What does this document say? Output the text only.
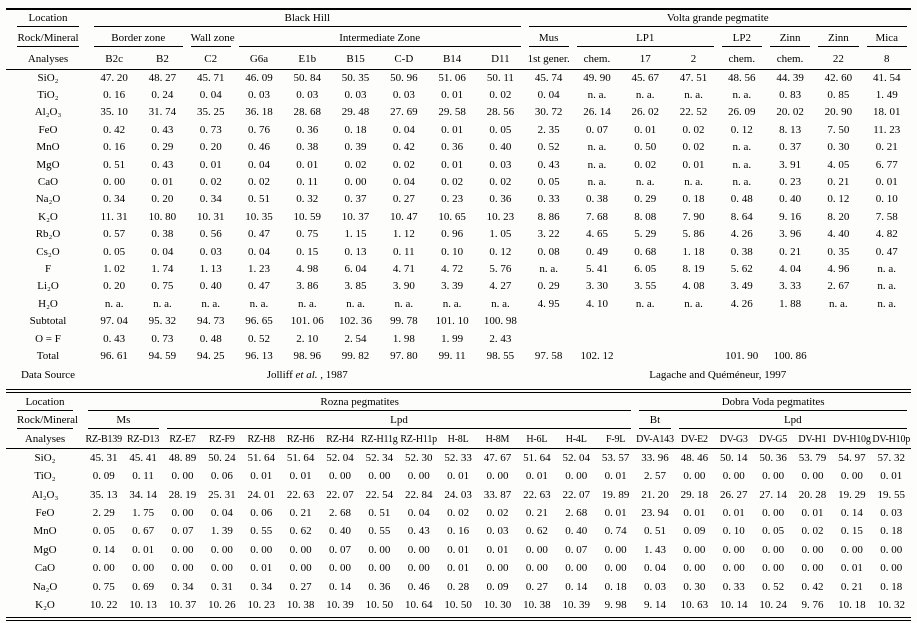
Location	Black Hill									Volta grande pegmatite							

Rock/Mineral	Border zone		Wall zone	Intermediate Zone						Mus	LP1			LP2	Zinn	Zinn	Mica

Analyses	B2c	B2	C2	G6a	E1b	B15	C-D	B14	D11	1st gener.	chem.	17	2	chem.	chem.	22	8
SiO₂	47. 20	48. 27	45. 71	46. 09	50. 84	50. 35	50. 96	51. 06	50. 11	45. 74	49. 90	45. 67	47. 51	48. 56	44. 39	42. 60	41. 54
TiO₂	0. 16	0. 24	0. 04	0. 03	0. 03	0. 03	0. 03	0. 01	0. 02	0. 04	n. a.	n. a.	n. a.	n. a.	0. 83	0. 85	1. 49
Al₂O₃	35. 10	31. 74	35. 25	36. 18	28. 68	29. 48	27. 69	29. 58	28. 56	30. 72	26. 14	26. 02	22. 52	26. 09	20. 02	20. 90	18. 01
FeO	0. 42	0. 43	0. 73	0. 76	0. 36	0. 18	0. 04	0. 01	0. 05	2. 35	0. 07	0. 01	0. 02	0. 12	8. 13	7. 50	11. 23
MnO	0. 16	0. 29	0. 20	0. 46	0. 38	0. 39	0. 42	0. 36	0. 40	0. 52	n. a.	0. 50	0. 02	n. a.	0. 37	0. 30	0. 21
MgO	0. 51	0. 43	0. 01	0. 04	0. 01	0. 02	0. 02	0. 01	0. 03	0. 43	n. a.	0. 02	0. 01	n. a.	3. 91	4. 05	6. 77
CaO	0. 00	0. 01	0. 02	0. 02	0. 11	0. 00	0. 04	0. 02	0. 02	0. 05	n. a.	n. a.	n. a.	n. a.	0. 23	0. 21	0. 01
Na₂O	0. 34	0. 20	0. 34	0. 51	0. 32	0. 37	0. 27	0. 23	0. 36	0. 33	0. 38	0. 29	0. 18	0. 48	0. 40	0. 12	0. 10
K₂O	11. 31	10. 80	10. 31	10. 35	10. 59	10. 37	10. 47	10. 65	10. 23	8. 86	7. 68	8. 08	7. 90	8. 64	9. 16	8. 20	7. 58
Rb₂O	0. 57	0. 38	0. 56	0. 47	0. 75	1. 15	1. 12	0. 96	1. 05	3. 22	4. 65	5. 29	5. 86	4. 26	3. 96	4. 40	4. 82
Cs₂O	0. 05	0. 04	0. 03	0. 04	0. 15	0. 13	0. 11	0. 10	0. 12	0. 08	0. 49	0. 68	1. 18	0. 38	0. 21	0. 35	0. 47
F	1. 02	1. 74	1. 13	1. 23	4. 98	6. 04	4. 71	4. 72	5. 76	n. a.	5. 41	6. 05	8. 19	5. 62	4. 04	4. 96	n. a.
Li₂O	0. 20	0. 75	0. 40	0. 47	3. 86	3. 85	3. 90	3. 39	4. 27	0. 29	3. 30	3. 55	4. 08	3. 49	3. 33	2. 67	n. a.
H₂O	n. a.	n. a.	n. a.	n. a.	n. a.	n. a.	n. a.	n. a.	n. a.	4. 95	4. 10	n. a.	n. a.	4. 26	1. 88	n. a.	n. a.
Subtotal	97. 04	95. 32	94. 73	96. 65	101. 06	102. 36	99. 78	101. 10	100. 98								
O = F	0. 43	0. 73	0. 48	0. 52	2. 10	2. 54	1. 98	1. 99	2. 43								
Total	96. 61	94. 59	94. 25	96. 13	98. 96	99. 82	97. 80	99. 11	98. 55	97. 58	102. 12			101. 90	100. 86		
Data Source	Jolliff et al. , 1987									Lagache and Quéméneur, 1997							
Location	Rozna pegmatites														Dobra Voda pegmatites						

Rock/Mineral	Ms		Lpd												Bt	Lpd					

Analyses	RZ-B139	RZ-D13	RZ-E7	RZ-F9	RZ-H8	RZ-H6	RZ-H4	RZ-H11g	RZ-H11p	H-8L	H-8M	H-6L	H-4L	F-9L	DV-A143	DV-E2	DV-G3	DV-G5	DV-H1	DV-H10g	DV-H10p
SiO₂	45. 31	45. 41	48. 89	50. 24	51. 64	51. 64	52. 04	52. 34	52. 30	52. 33	47. 67	51. 64	52. 04	53. 57	33. 96	48. 46	50. 14	50. 36	53. 79	54. 97	57. 32
TiO₂	0. 09	0. 11	0. 00	0. 06	0. 01	0. 01	0. 00	0. 00	0. 00	0. 01	0. 00	0. 01	0. 00	0. 01	2. 57	0. 00	0. 00	0. 00	0. 00	0. 00	0. 01
Al₂O₃	35. 13	34. 14	28. 19	25. 31	24. 01	22. 63	22. 07	22. 54	22. 84	24. 03	33. 87	22. 63	22. 07	19. 89	21. 20	29. 18	26. 27	27. 14	20. 28	19. 29	19. 55
FeO	2. 29	1. 75	0. 00	0. 04	0. 06	0. 21	2. 68	0. 51	0. 04	0. 02	0. 02	0. 21	2. 68	0. 01	23. 94	0. 01	0. 01	0. 00	0. 01	0. 14	0. 03
MnO	0. 05	0. 67	0. 07	1. 39	0. 55	0. 62	0. 40	0. 55	0. 43	0. 16	0. 03	0. 62	0. 40	0. 74	0. 51	0. 09	0. 10	0. 05	0. 02	0. 15	0. 18
MgO	0. 14	0. 01	0. 00	0. 00	0. 00	0. 00	0. 07	0. 00	0. 00	0. 01	0. 01	0. 00	0. 07	0. 00	1. 43	0. 00	0. 00	0. 00	0. 00	0. 00	0. 00
CaO	0. 00	0. 00	0. 00	0. 00	0. 01	0. 00	0. 00	0. 00	0. 00	0. 01	0. 00	0. 00	0. 00	0. 00	0. 04	0. 00	0. 00	0. 00	0. 00	0. 01	0. 00
Na₂O	0. 75	0. 69	0. 34	0. 31	0. 34	0. 27	0. 14	0. 36	0. 46	0. 28	0. 09	0. 27	0. 14	0. 18	0. 03	0. 30	0. 33	0. 52	0. 42	0. 21	0. 18
K₂O	10. 22	10. 13	10. 37	10. 26	10. 23	10. 38	10. 39	10. 50	10. 64	10. 50	10. 30	10. 38	10. 39	9. 98	9. 14	10. 63	10. 14	10. 24	9. 76	10. 18	10. 32
